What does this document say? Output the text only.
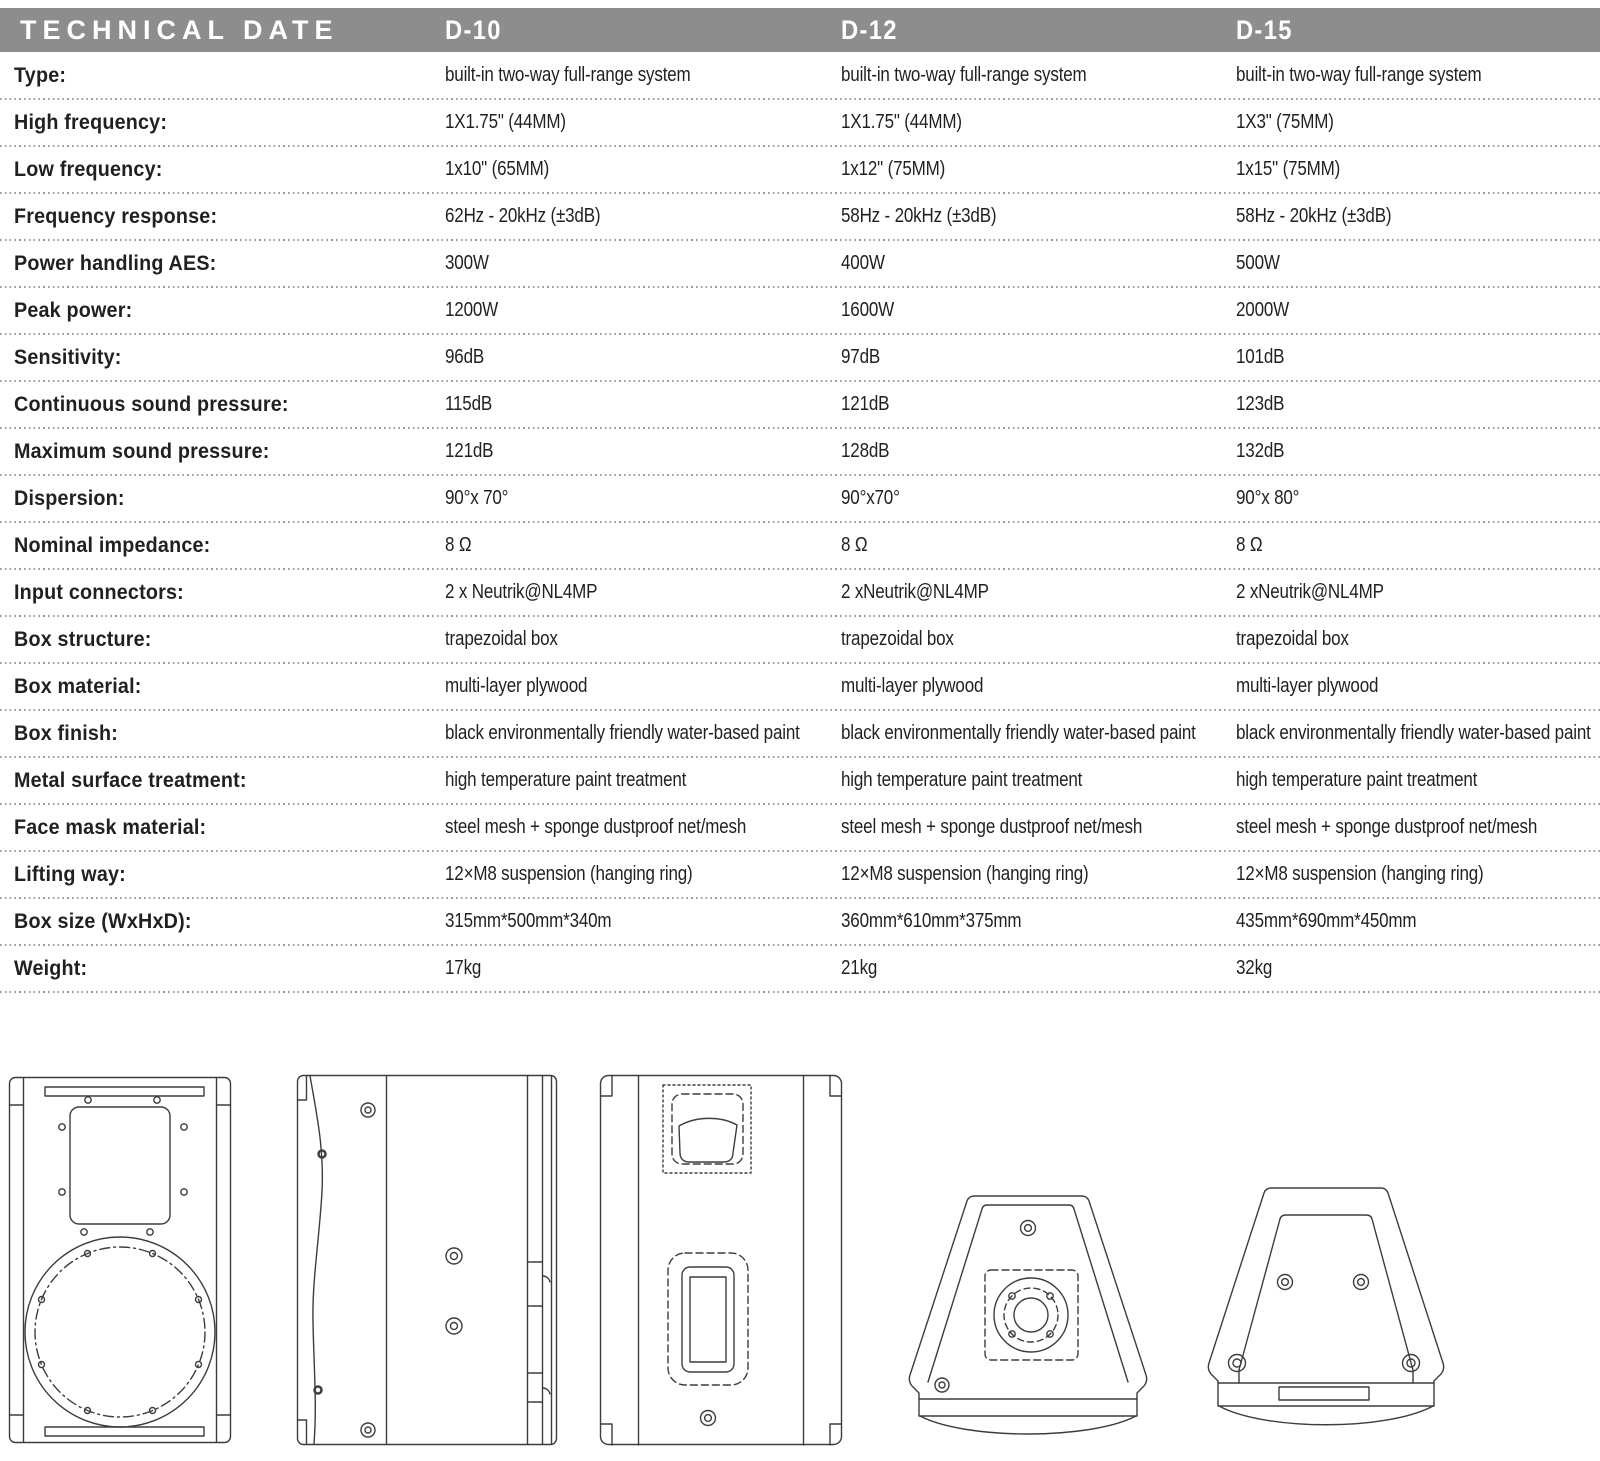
TECHNICAL DATE	D-10	D-12	D-15
Type:	built-in two-way full-range system	built-in two-way full-range system	built-in two-way full-range system
High frequency:	1X1.75" (44MM)	1X1.75" (44MM)	1X3" (75MM)
Low frequency:	1x10" (65MM)	1x12" (75MM)	1x15" (75MM)
Frequency response:	62Hz - 20kHz (±3dB)	58Hz - 20kHz (±3dB)	58Hz - 20kHz (±3dB)
Power handling AES:	300W	400W	500W
Peak power:	1200W	1600W	2000W
Sensitivity:	96dB	97dB	101dB
Continuous sound pressure:	115dB	121dB	123dB
Maximum sound pressure:	121dB	128dB	132dB
Dispersion:	90°x 70°	90°x70°	90°x 80°
Nominal impedance:	8 Ω	8 Ω	8 Ω
Input connectors:	2 x Neutrik@NL4MP	2 xNeutrik@NL4MP	2 xNeutrik@NL4MP
Box structure:	trapezoidal box	trapezoidal box	trapezoidal box
Box material:	multi-layer plywood	multi-layer plywood	multi-layer plywood
Box finish:	black environmentally friendly water-based paint	black environmentally friendly water-based paint	black environmentally friendly water-based paint
Metal surface treatment:	high temperature paint treatment	high temperature paint treatment	high temperature paint treatment
Face mask material:	steel mesh + sponge dustproof net/mesh	steel mesh + sponge dustproof net/mesh	steel mesh + sponge dustproof net/mesh
Lifting way:	12×M8 suspension (hanging ring)	12×M8 suspension (hanging ring)	12×M8 suspension (hanging ring)
Box size (WxHxD):	315mm*500mm*340m	360mm*610mm*375mm	435mm*690mm*450mm
Weight:	17kg	21kg	32kg
